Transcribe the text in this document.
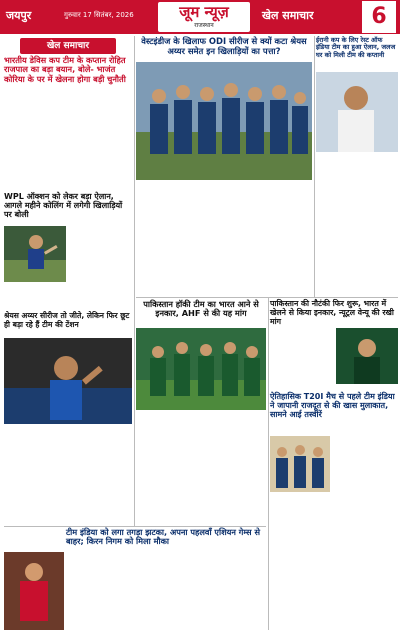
जयपुर	गुरुवार 17 सितंबर, 2026	जूम न्यूज़
राजस्थान
खेल समाचार	6
खेल समाचार
भारतीय डेविस कप टीम के कप्तान रोहित राजपाल का बड़ा बयान, बोले- भाजंत कोरिया के पर में खेलना होगा बड़ी चुनौती

WPL ऑक्शन को लेकर बड़ा ऐलान, आगले महीने कोलिंग में लगेगी खिलाड़ियों पर बोली

श्रेयस अय्यर सीरीज तो जीते, लेकिन फिर छूट ही बड़ा रहे हैं टीम की टेंशन

टीम इंडिया को लगा तगड़ा झटका, अपना पहलवाँ एशियन गेम्स से बाहर; किरन निगम को मिला मौका

वेस्टइंडीज के खिलाफ ODI सीरीज से क्यों कटा श्रेयस अय्यर समेत इन खिलाड़ियों का पत्ता?

पाकिस्तान हॉकी टीम का भारत आने से इनकार, AHF से की यह मांग

ईरानी कप के लिए रेस्ट ऑफ इंडिया टीम का हुआ ऐलान, जलज घर को मिली टीम की कप्तानी

पाकिस्तान की नौटंकी फिर शुरू, भारत में खेलने से किया इनकार, न्यूट्रल वेन्यू की रखी मांग

ऐतिहासिक T20I मैच से पहले टीम इंडिया ने जापानी राजदूत से की खास मुलाकात, सामने आई तस्वीरें
